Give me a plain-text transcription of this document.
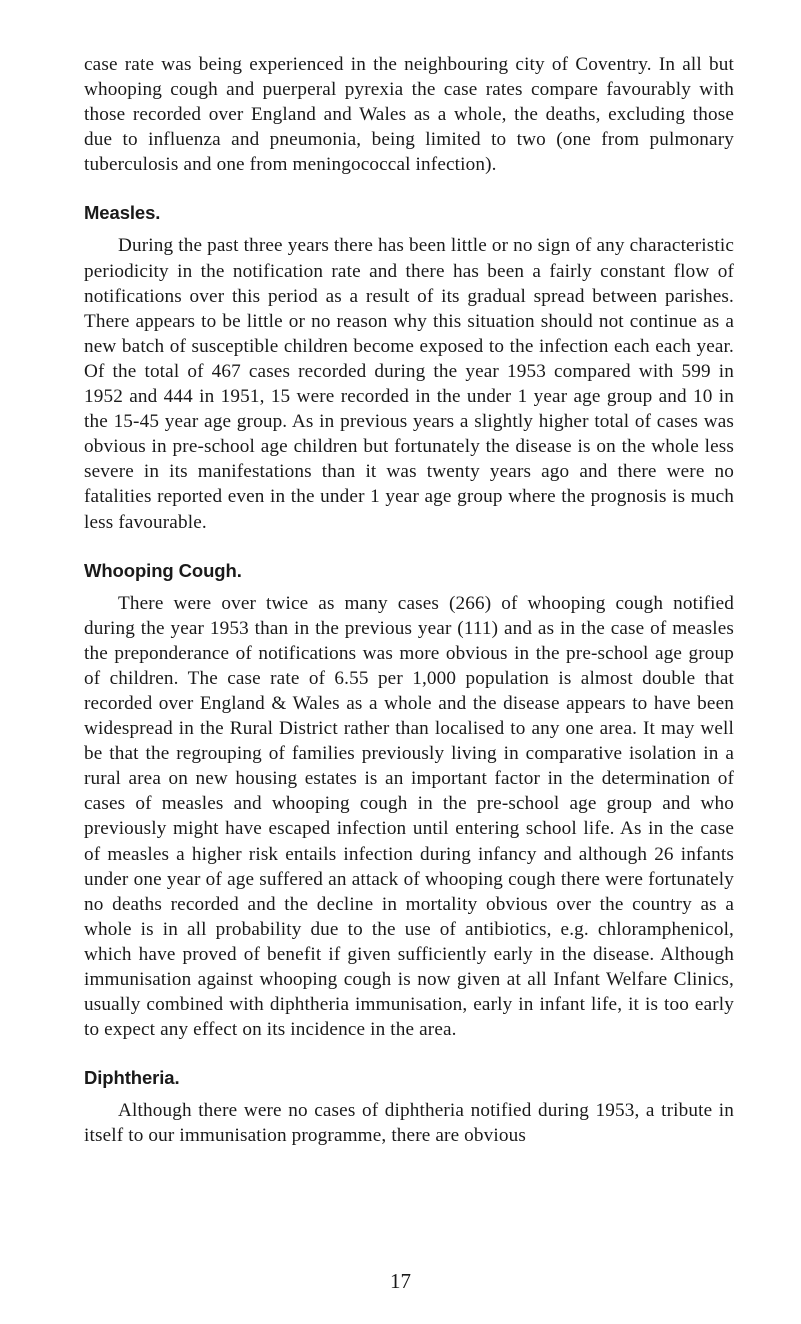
case rate was being experienced in the neighbouring city of Coventry. In all but whooping cough and puerperal pyrexia the case rates compare favourably with those recorded over England and Wales as a whole, the deaths, excluding those due to influenza and pneumonia, being limited to two (one from pulmonary tuberculosis and one from meningococcal infection).

Measles.

During the past three years there has been little or no sign of any characteristic periodicity in the notification rate and there has been a fairly constant flow of notifications over this period as a result of its gradual spread between parishes. There appears to be little or no reason why this situation should not continue as a new batch of susceptible children become exposed to the infection each each year. Of the total of 467 cases recorded during the year 1953 compared with 599 in 1952 and 444 in 1951, 15 were recorded in the under 1 year age group and 10 in the 15-45 year age group. As in previous years a slightly higher total of cases was obvious in pre-school age children but fortunately the disease is on the whole less severe in its manifestations than it was twenty years ago and there were no fatalities reported even in the under 1 year age group where the prognosis is much less favourable.

Whooping Cough.

There were over twice as many cases (266) of whooping cough notified during the year 1953 than in the previous year (111) and as in the case of measles the preponderance of notifications was more obvious in the pre-school age group of children. The case rate of 6.55 per 1,000 population is almost double that recorded over England & Wales as a whole and the disease appears to have been widespread in the Rural District rather than localised to any one area. It may well be that the regrouping of families previously living in comparative isolation in a rural area on new housing estates is an important factor in the determination of cases of measles and whooping cough in the pre-school age group and who previously might have escaped infection until entering school life. As in the case of measles a higher risk entails infection during infancy and although 26 infants under one year of age suffered an attack of whooping cough there were fortunately no deaths recorded and the decline in mortality obvious over the country as a whole is in all probability due to the use of antibiotics, e.g. chloramphenicol, which have proved of benefit if given sufficiently early in the disease. Although immunisation against whooping cough is now given at all Infant Welfare Clinics, usually combined with diphtheria immunisation, early in infant life, it is too early to expect any effect on its incidence in the area.

Diphtheria.

Although there were no cases of diphtheria notified during 1953, a tribute in itself to our immunisation programme, there are obvious

17
